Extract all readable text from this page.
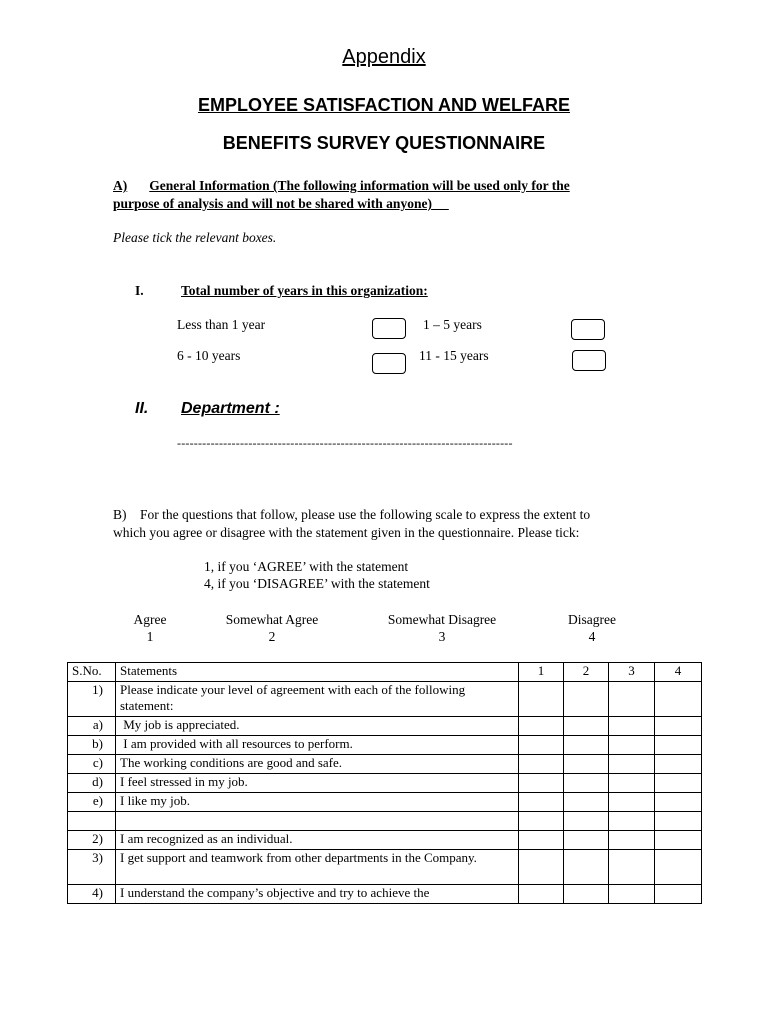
Appendix
EMPLOYEE SATISFACTION AND WELFARE
BENEFITS SURVEY QUESTIONNAIRE
A) General Information (The following information will be used only for the
purpose of analysis and will not be shared with anyone)
Please tick the relevant boxes.
I.	Total number of years in this organization:
Less than 1 year	1 – 5 years
6 - 10 years	11 - 15 years
II. Department :
--------------------------------------------------------------------------------
B)    For the questions that follow, please use the following scale to express the extent to
which you agree or disagree with the statement given in the questionnaire. Please tick:
1, if you ‘AGREE’ with the statement
4, if you ‘DISAGREE’ with the statement
Agree
1
Somewhat Agree
2
Somewhat Disagree
3
Disagree
4
S.No.	Statements	1	2	3	4
1)	Please indicate your level of agreement with each of the following statement:				
a)	My job is appreciated.				
b)	I am provided with all resources to perform.				
c)	The working conditions are good and safe.				
d)	I feel stressed in my job.				
e)	I like my job.				

2)	I am recognized as an individual.				
3)	I get support and teamwork from other departments in the Company.				
4)	I understand the company’s objective and try to achieve the				
